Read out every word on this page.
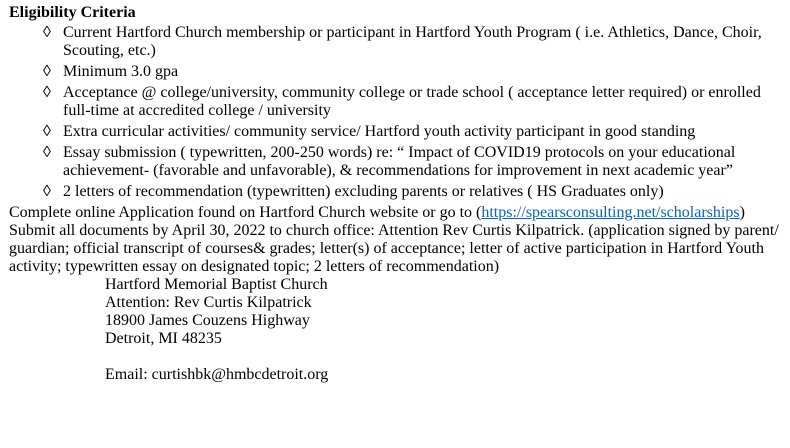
Eligibility Criteria
◊ Current Hartford Church membership or participant in Hartford Youth Program ( i.e. Athletics, Dance, Choir, Scouting, etc.)
◊ Minimum 3.0 gpa
◊ Acceptance @ college/university, community college or trade school ( acceptance letter required) or enrolled full-time at accredited college / university
◊ Extra curricular activities/ community service/ Hartford youth activity participant in good standing
◊ Essay submission ( typewritten, 200-250 words) re: “ Impact of COVID19 protocols on your educational achievement- (favorable and unfavorable), & recommendations for improvement in next academic year”
◊ 2 letters of recommendation (typewritten) excluding parents or relatives ( HS Graduates only)
Complete online Application found on Hartford Church website or go to (https://spearsconsulting.net/scholarships)
Submit all documents by April 30, 2022 to church office: Attention Rev Curtis Kilpatrick. (application signed by parent/ guardian; official transcript of courses& grades; letter(s) of acceptance; letter of active participation in Hartford Youth activity; typewritten essay on designated topic; 2 letters of recommendation)
Hartford Memorial Baptist Church
Attention: Rev Curtis Kilpatrick
18900 James Couzens Highway
Detroit, MI 48235
Email: curtishbk@hmbcdetroit.org
